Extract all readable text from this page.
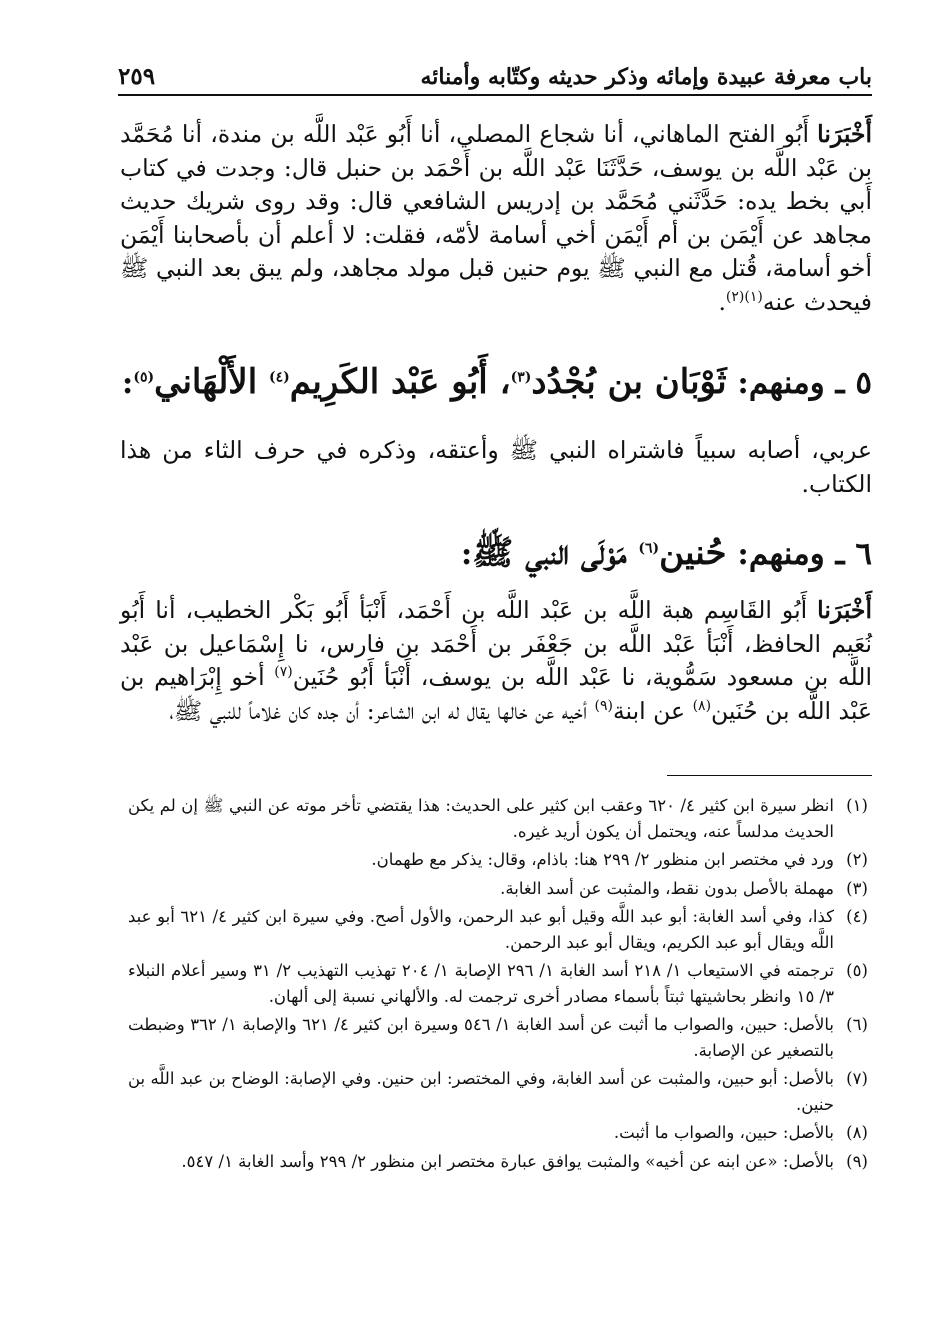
باب معرفة عبيدة وإمائه وذكر حديثه وكتّابه وأمنائه
٢٥٩
أَخْبَرَنا أَبُو الفتح الماهاني، أنا شجاع المصلي، أنا أَبُو عَبْد اللَّه بن مندة، أنا مُحَمَّد بن عَبْد اللَّه بن يوسف، حَدَّثَنَا عَبْد اللَّه بن أَحْمَد بن حنبل قال: وجدت في كتاب أَبي بخط يده: حَدَّثَني مُحَمَّد بن إدريس الشافعي قال: وقد روى شريك حديث مجاهد عن أَيْمَن بن أم أَيْمَن أخي أسامة لأمّه، فقلت: لا أعلم أن بأصحابنا أَيْمَن أخو أسامة، قُتل مع النبي ﷺ يوم حنين قبل مولد مجاهد، ولم يبق بعد النبي ﷺ فيحدث عنه$^{(١)(٢)}$.
٥ ـ ومنهم: ثَوْبَان بن بُجْدُد$^{(٣)}$، أَبُو عَبْد الكَرِيم$^{(٤)}$ الأَلْهَاني$^{(٥)}$:
عربي، أصابه سبياً فاشتراه النبي ﷺ وأعتقه، وذكره في حرف الثاء من هذا الكتاب.
٦ ـ ومنهم: حُنين$^{(٦)}$ مَوْلَى النبي ﷺ:
أَخْبَرَنا أَبُو القَاسِم هبة اللَّه بن عَبْد اللَّه بن أَحْمَد، أَنْبَأ أَبُو بَكْر الخطيب، أنا أَبُو نُعَيم الحافظ، أَنْبَأ عَبْد اللَّه بن جَعْفَر بن أَحْمَد بن فارس، نا إِسْمَاعيل بن عَبْد اللَّه بن مسعود سَمُّوية، نا عَبْد اللَّه بن يوسف، أَنْبَأ أَبُو حُنَين$^{(٧)}$ أخو إِبْرَاهيم بن عَبْد اللَّه بن حُنَين$^{(٨)}$ عن ابنة$^{(٩)}$ أخيه عن خالها يقال له ابن الشاعر: أن جده كان غلاماً للنبي ﷺ،
(١)
انظر سيرة ابن كثير ٤/ ٦٢٠ وعقب ابن كثير على الحديث: هذا يقتضي تأخر موته عن النبي ﷺ إن لم يكن الحديث مدلساً عنه، ويحتمل أن يكون أريد غيره.
(٢)
ورد في مختصر ابن منظور ٢/ ٢٩٩ هنا: باذام، وقال: يذكر مع طهمان.
(٣)
مهملة بالأصل بدون نقط، والمثبت عن أسد الغابة.
(٤)
كذا، وفي أسد الغابة: أبو عبد اللَّه وقيل أبو عبد الرحمن، والأول أصح. وفي سيرة ابن كثير ٤/ ٦٢١ أبو عبد اللَّه ويقال أبو عبد الكريم، ويقال أبو عبد الرحمن.
(٥)
ترجمته في الاستيعاب ١/ ٢١٨ أسد الغابة ١/ ٢٩٦ الإصابة ١/ ٢٠٤ تهذيب التهذيب ٢/ ٣١ وسير أعلام النبلاء ٣/ ١٥ وانظر بحاشيتها ثبتاً بأسماء مصادر أخرى ترجمت له. والألهاني نسبة إلى ألهان.
(٦)
بالأصل: حبين، والصواب ما أثبت عن أسد الغابة ١/ ٥٤٦ وسيرة ابن كثير ٤/ ٦٢١ والإصابة ١/ ٣٦٢ وضبطت بالتصغير عن الإصابة.
(٧)
بالأصل: أبو حبين، والمثبت عن أسد الغابة، وفي المختصر: ابن حنين. وفي الإصابة: الوضاح بن عبد اللَّه بن حنين.
(٨)
بالأصل: حبين، والصواب ما أثبت.
(٩)
بالأصل: «عن ابنه عن أخيه» والمثبت يوافق عبارة مختصر ابن منظور ٢/ ٢٩٩ وأسد الغابة ١/ ٥٤٧.
